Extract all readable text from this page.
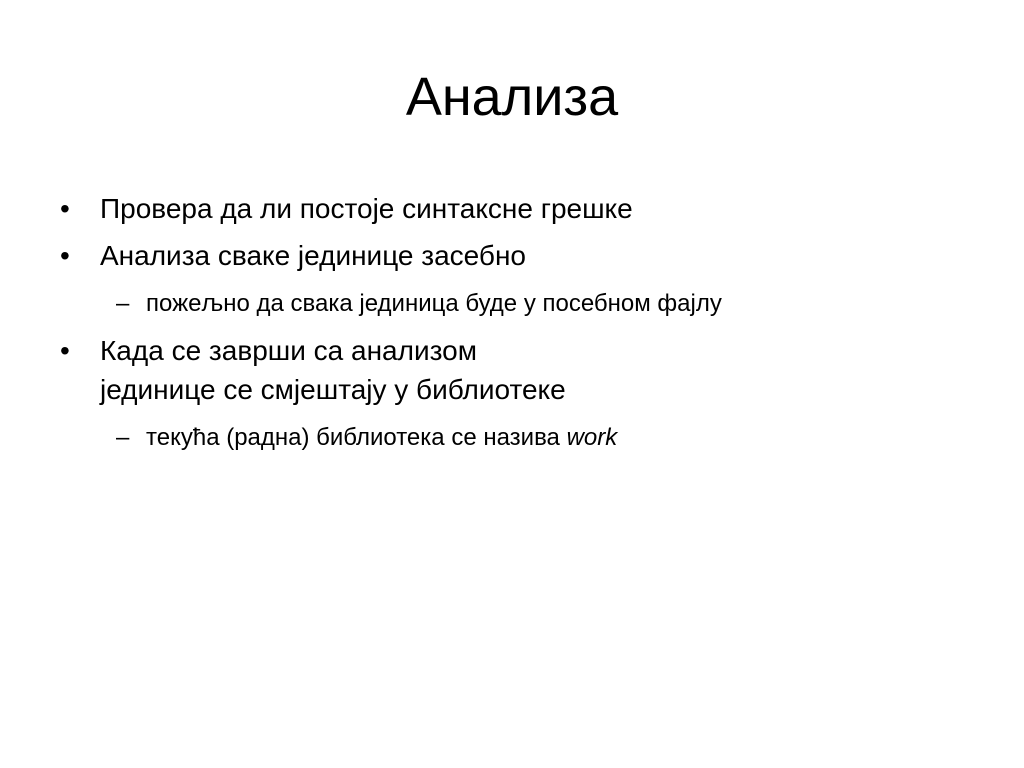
Анализа
• Провера да ли постоје синтаксне грешке
• Анализа сваке јединице засебно
– пожељно да свака јединица буде у посебном фајлу
• Када се заврши са анализом
јединице се смјештају у библиотеке
– текућа (радна) библиотека се назива work
